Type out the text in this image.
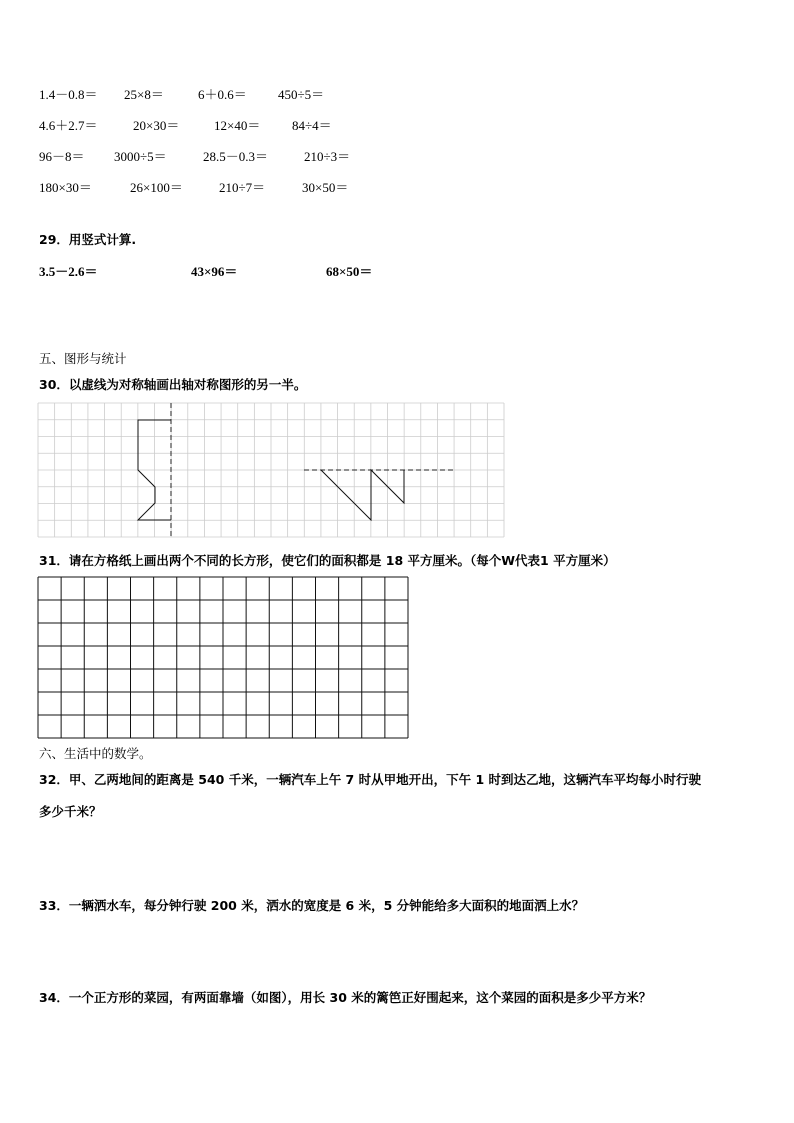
1.4－0.8＝ 25×8＝	6＋0.6＝ 450÷5＝
4.6＋2.7＝	20×30＝	12×40＝ 84÷4＝
96－8＝ 3000÷5＝	28.5－0.3＝	210÷3＝
180×30＝	26×100＝	210÷7＝	30×50＝
29．用竖式计算.
3.5－2.6＝	43×96＝	68×50＝
五、图形与统计
30．以虚线为对称轴画出轴对称图形的另一半。
31．请在方格纸上画出两个不同的长方形，使它们的面积都是 18 平方厘米。（每个W代表1 平方厘米）
六、生活中的数学。
32．甲、乙两地间的距离是 540 千米，一辆汽车上午 7 时从甲地开出，下午 1 时到达乙地，这辆汽车平均每小时行驶
多少千米？
33．一辆洒水车，每分钟行驶 200 米，洒水的宽度是 6 米，5 分钟能给多大面积的地面洒上水？
34．一个正方形的菜园，有两面靠墙（如图），用长 30 米的篱笆正好围起来，这个菜园的面积是多少平方米？
